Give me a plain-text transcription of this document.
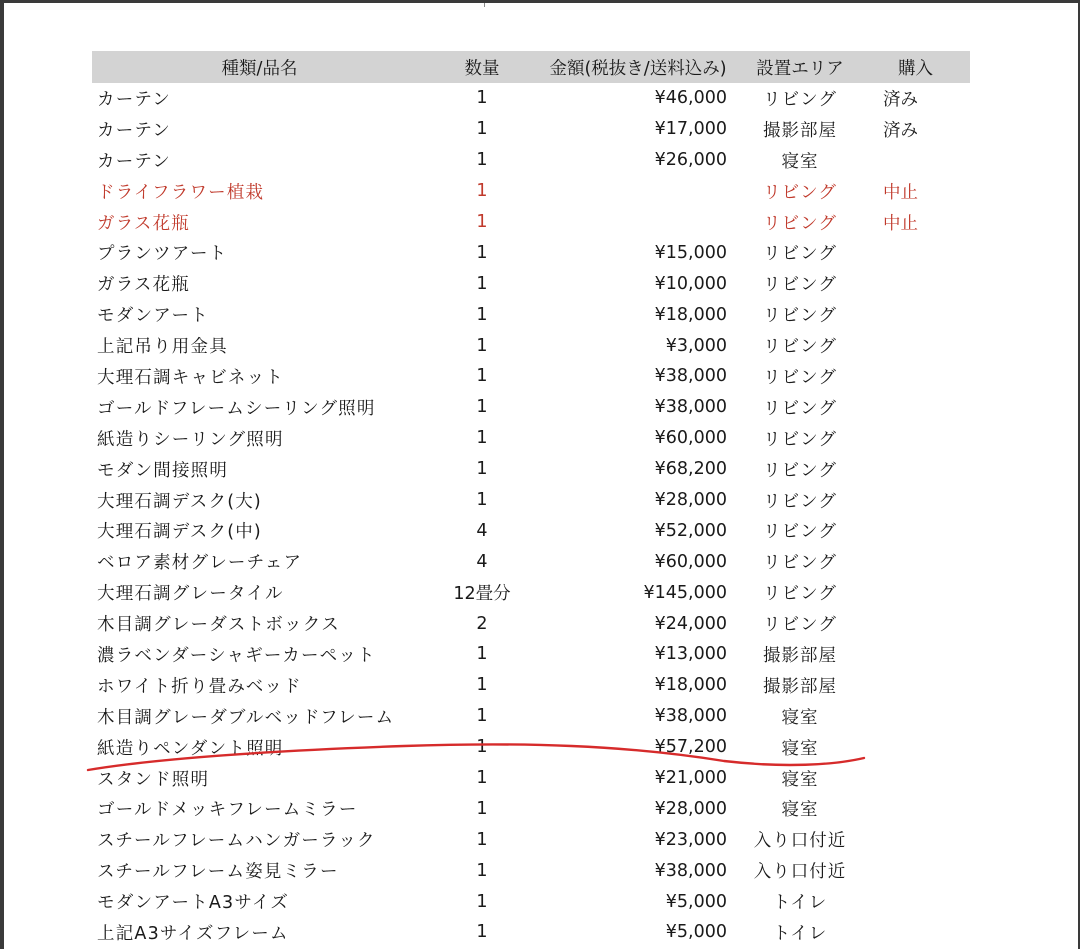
種類/品名	数量	金額(税抜き/送料込み)	設置エリア	購入
カーテン	1	¥46,000	リビング	済み
カーテン	1	¥17,000	撮影部屋	済み
カーテン	1	¥26,000	寝室	
ドライフラワー植栽	1		リビング	中止
ガラス花瓶	1		リビング	中止
プランツアート	1	¥15,000	リビング	
ガラス花瓶	1	¥10,000	リビング	
モダンアート	1	¥18,000	リビング	
上記吊り用金具	1	¥3,000	リビング	
大理石調キャビネット	1	¥38,000	リビング	
ゴールドフレームシーリング照明	1	¥38,000	リビング	
紙造りシーリング照明	1	¥60,000	リビング	
モダン間接照明	1	¥68,200	リビング	
大理石調デスク(大)	1	¥28,000	リビング	
大理石調デスク(中)	4	¥52,000	リビング	
ベロア素材グレーチェア	4	¥60,000	リビング	
大理石調グレータイル	12畳分	¥145,000	リビング	
木目調グレーダストボックス	2	¥24,000	リビング	
濃ラベンダーシャギーカーペット	1	¥13,000	撮影部屋	
ホワイト折り畳みベッド	1	¥18,000	撮影部屋	
木目調グレーダブルベッドフレーム	1	¥38,000	寝室	
紙造りペンダント照明	1	¥57,200	寝室	
スタンド照明	1	¥21,000	寝室	
ゴールドメッキフレームミラー	1	¥28,000	寝室	
スチールフレームハンガーラック	1	¥23,000	入り口付近	
スチールフレーム姿見ミラー	1	¥38,000	入り口付近	
モダンアートA3サイズ	1	¥5,000	トイレ	
上記A3サイズフレーム	1	¥5,000	トイレ	
